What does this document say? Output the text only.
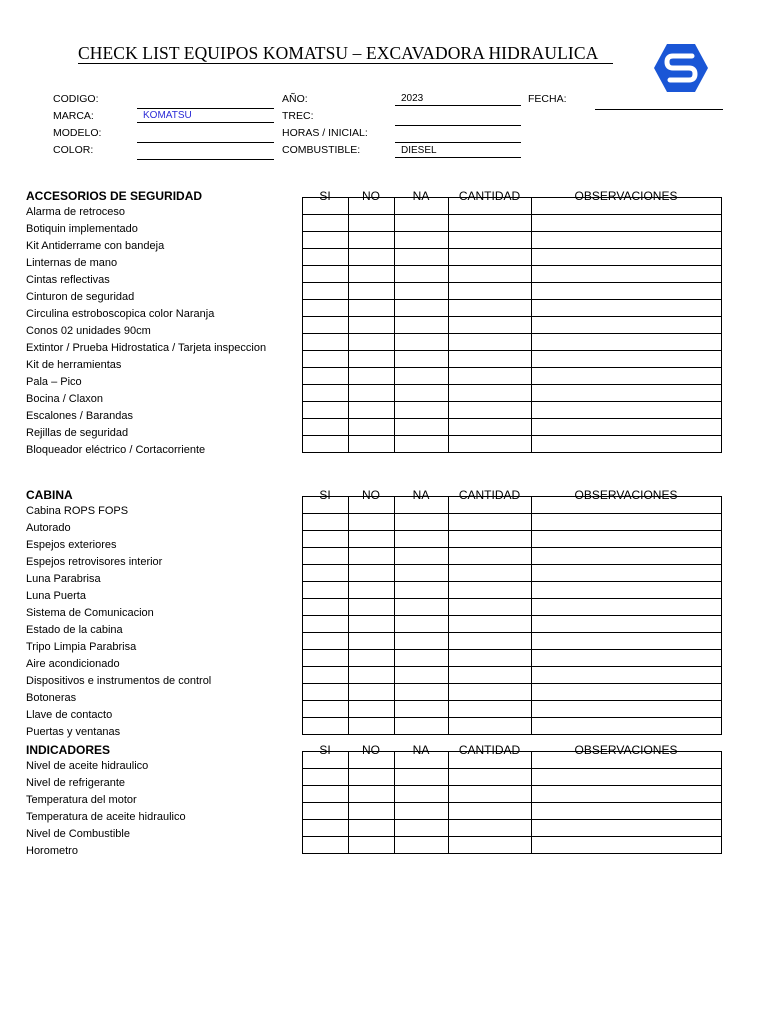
CHECK LIST EQUIPOS KOMATSU – EXCAVADORA HIDRAULICA
CODIGO:
MARCA:	KOMATSU
MODELO:
COLOR:
AÑO:	2023
TREC:
HORAS / INICIAL:
COMBUSTIBLE:	DIESEL
FECHA:
ACCESORIOS DE SEGURIDAD	SI	NO	NA	CANTIDAD	OBSERVACIONES
Alarma de retroceso
Botiquin implementado
Kit Antiderrame con bandeja
Linternas de mano
Cintas reflectivas
Cinturon de seguridad
Circulina estroboscopica color Naranja
Conos 02 unidades 90cm
Extintor / Prueba Hidrostatica / Tarjeta inspeccion
Kit de herramientas
Pala – Pico
Bocina / Claxon
Escalones / Barandas
Rejillas de seguridad
Bloqueador eléctrico / Cortacorriente

CABINA	SI	NO	NA	CANTIDAD	OBSERVACIONES
Cabina ROPS FOPS
Autorado
Espejos exteriores
Espejos retrovisores interior
Luna Parabrisa
Luna Puerta
Sistema de Comunicacion
Estado de la cabina
Tripo Limpia Parabrisa
Aire acondicionado
Dispositivos e instrumentos de control
Botoneras
Llave de contacto
Puertas y ventanas

INDICADORES	SI	NO	NA	CANTIDAD	OBSERVACIONES
Nivel de aceite hidraulico
Nivel de refrigerante
Temperatura del motor
Temperatura de aceite hidraulico
Nivel de Combustible
Horometro
